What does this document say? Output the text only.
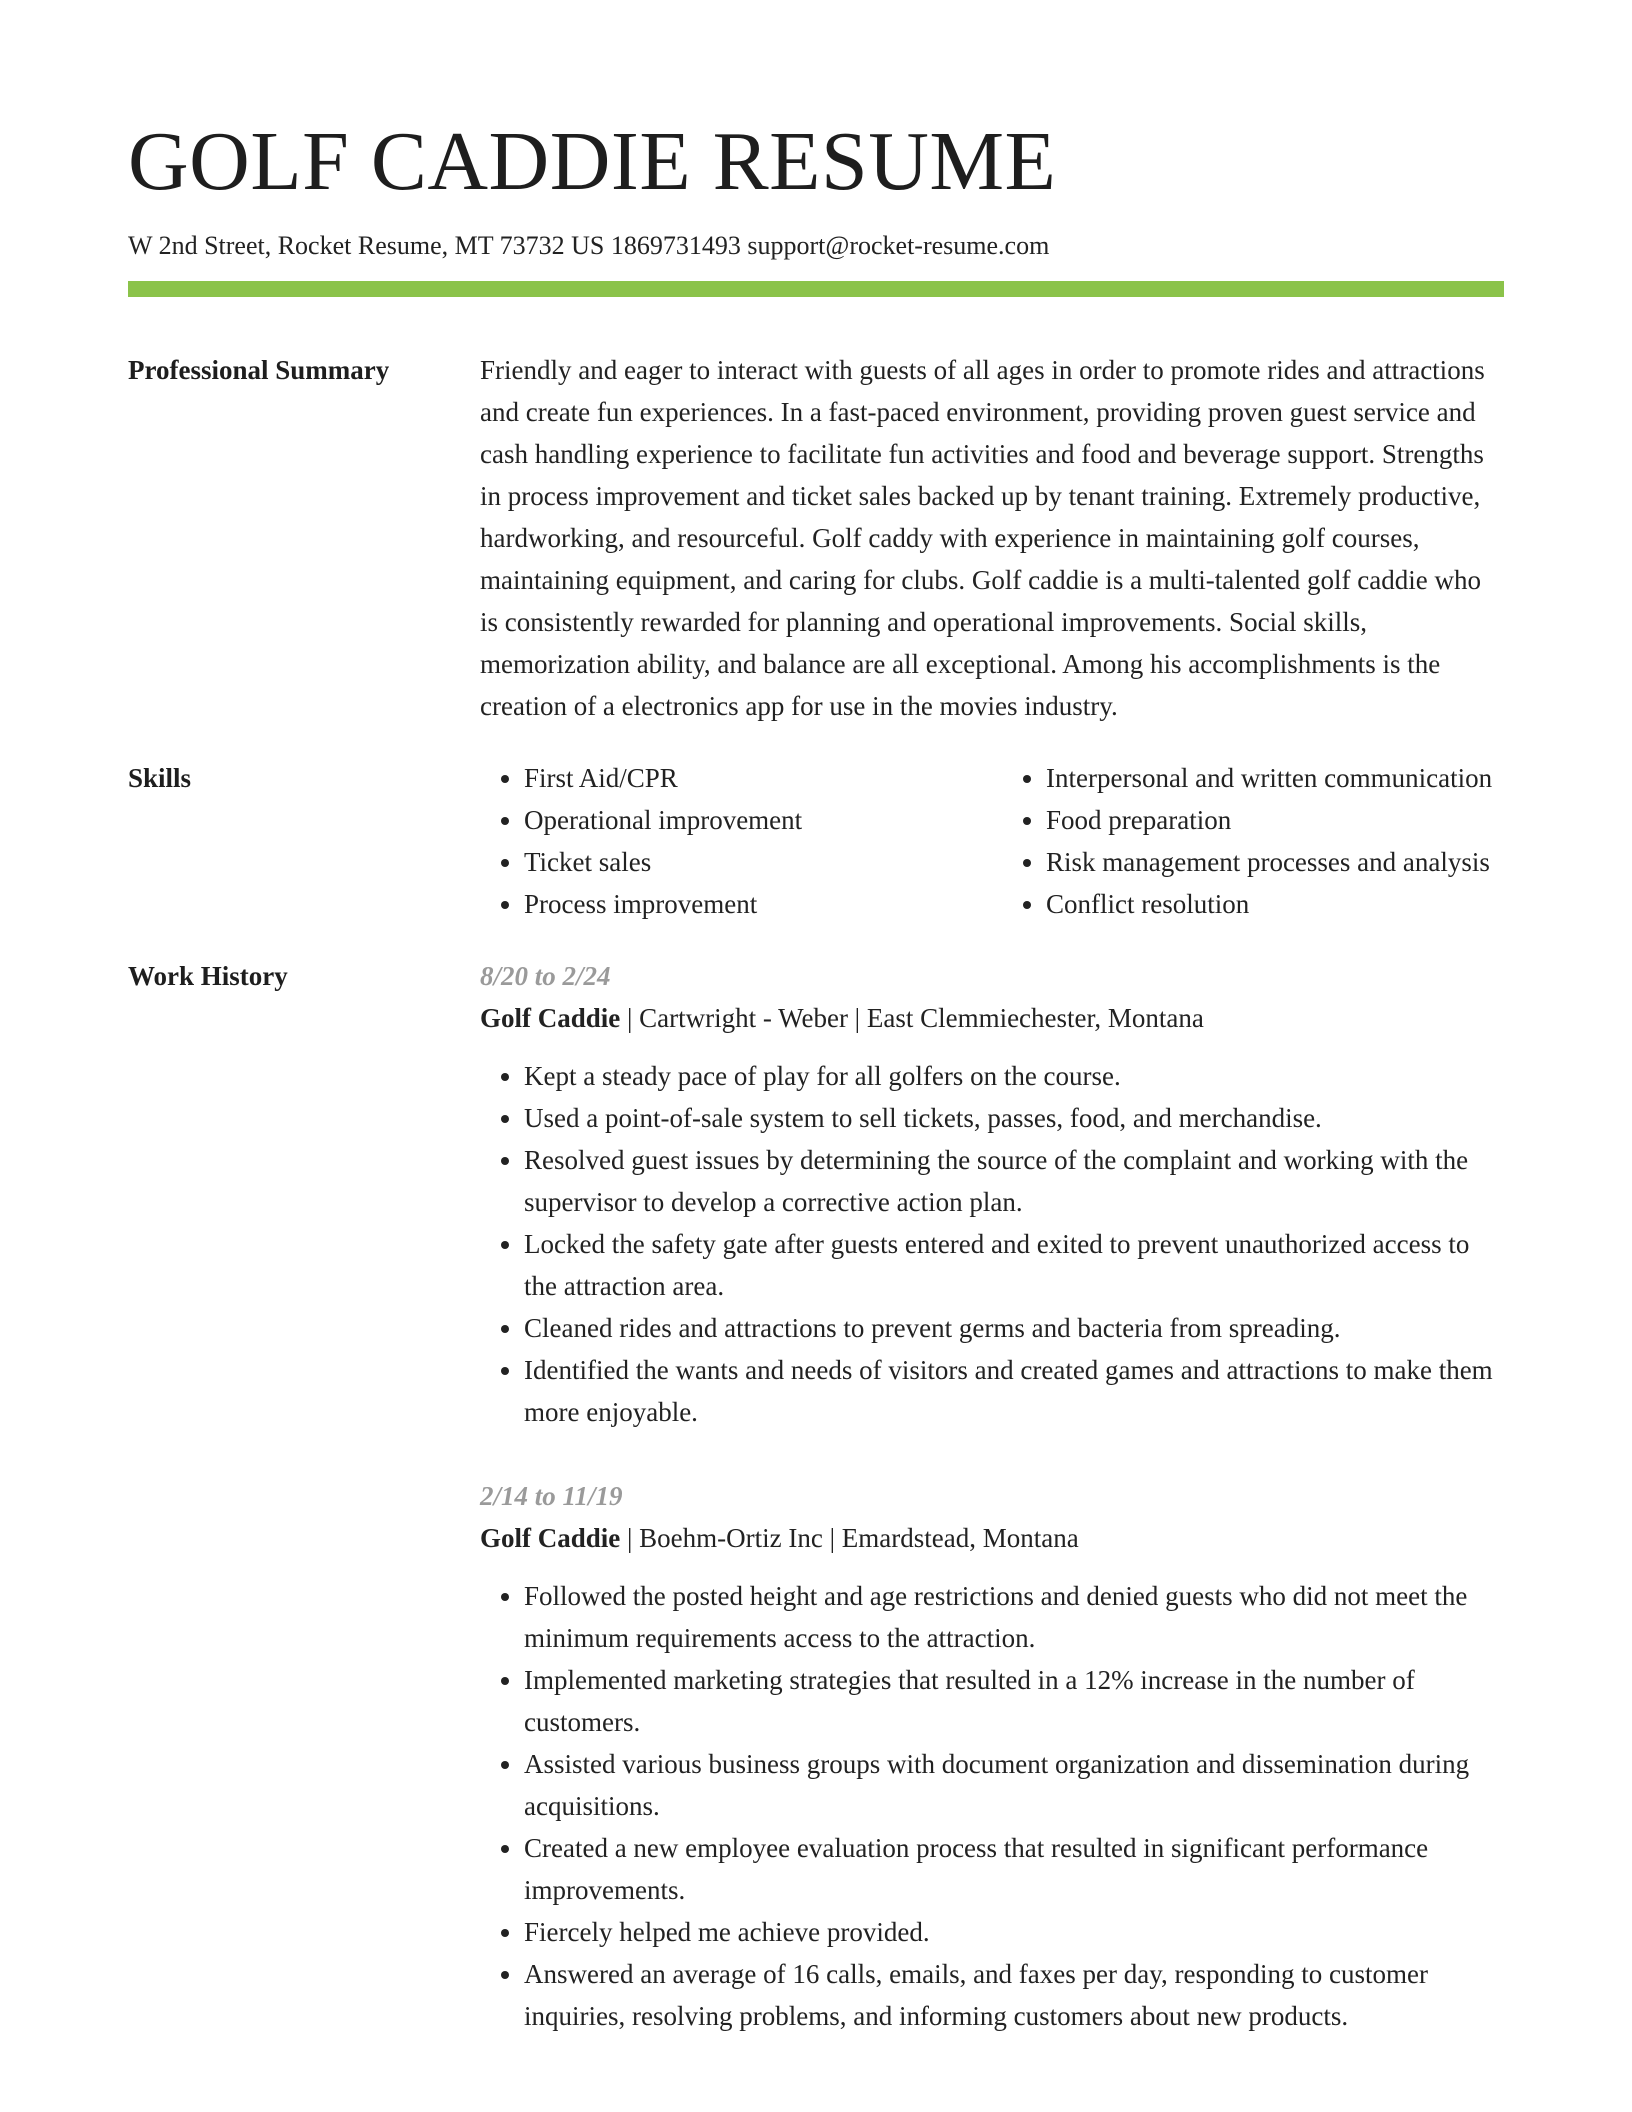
GOLF CADDIE RESUME
W 2nd Street, Rocket Resume, MT 73732 US 1869731493 support@rocket-resume.com
Professional Summary	Friendly and eager to interact with guests of all ages in order to promote rides and attractions and create fun experiences. In a fast-paced environment, providing proven guest service and cash handling experience to facilitate fun activities and food and beverage support. Strengths in process improvement and ticket sales backed up by tenant training. Extremely productive, hardworking, and resourceful. Golf caddy with experience in maintaining golf courses, maintaining equipment, and caring for clubs. Golf caddie is a multi-talented golf caddie who is consistently rewarded for planning and operational improvements. Social skills, memorization ability, and balance are all exceptional. Among his accomplishments is the creation of a electronics app for use in the movies industry.

Skills
•	First Aid/CPR
• Operational improvement
• Ticket sales
• Process improvement
• Interpersonal and written communication
• Food preparation
• Risk management processes and analysis
• Conflict resolution
Work History	8/20 to 2/24
Golf Caddie | Cartwright - Weber | East Clemmiechester, Montana
• Kept a steady pace of play for all golfers on the course.
• Used a point-of-sale system to sell tickets, passes, food, and merchandise.
• Resolved guest issues by determining the source of the complaint and working with the supervisor to develop a corrective action plan.
• Locked the safety gate after guests entered and exited to prevent unauthorized access to the attraction area.
• Cleaned rides and attractions to prevent germs and bacteria from spreading.
• Identified the wants and needs of visitors and created games and attractions to make them more enjoyable.
2/14 to 11/19
Golf Caddie | Boehm-Ortiz Inc | Emardstead, Montana
• Followed the posted height and age restrictions and denied guests who did not meet the minimum requirements access to the attraction.
• Implemented marketing strategies that resulted in a 12% increase in the number of customers.
• Assisted various business groups with document organization and dissemination during acquisitions.
• Created a new employee evaluation process that resulted in significant performance improvements.
• Fiercely helped me achieve provided.
• Answered an average of 16 calls, emails, and faxes per day, responding to customer inquiries, resolving problems, and informing customers about new products.
